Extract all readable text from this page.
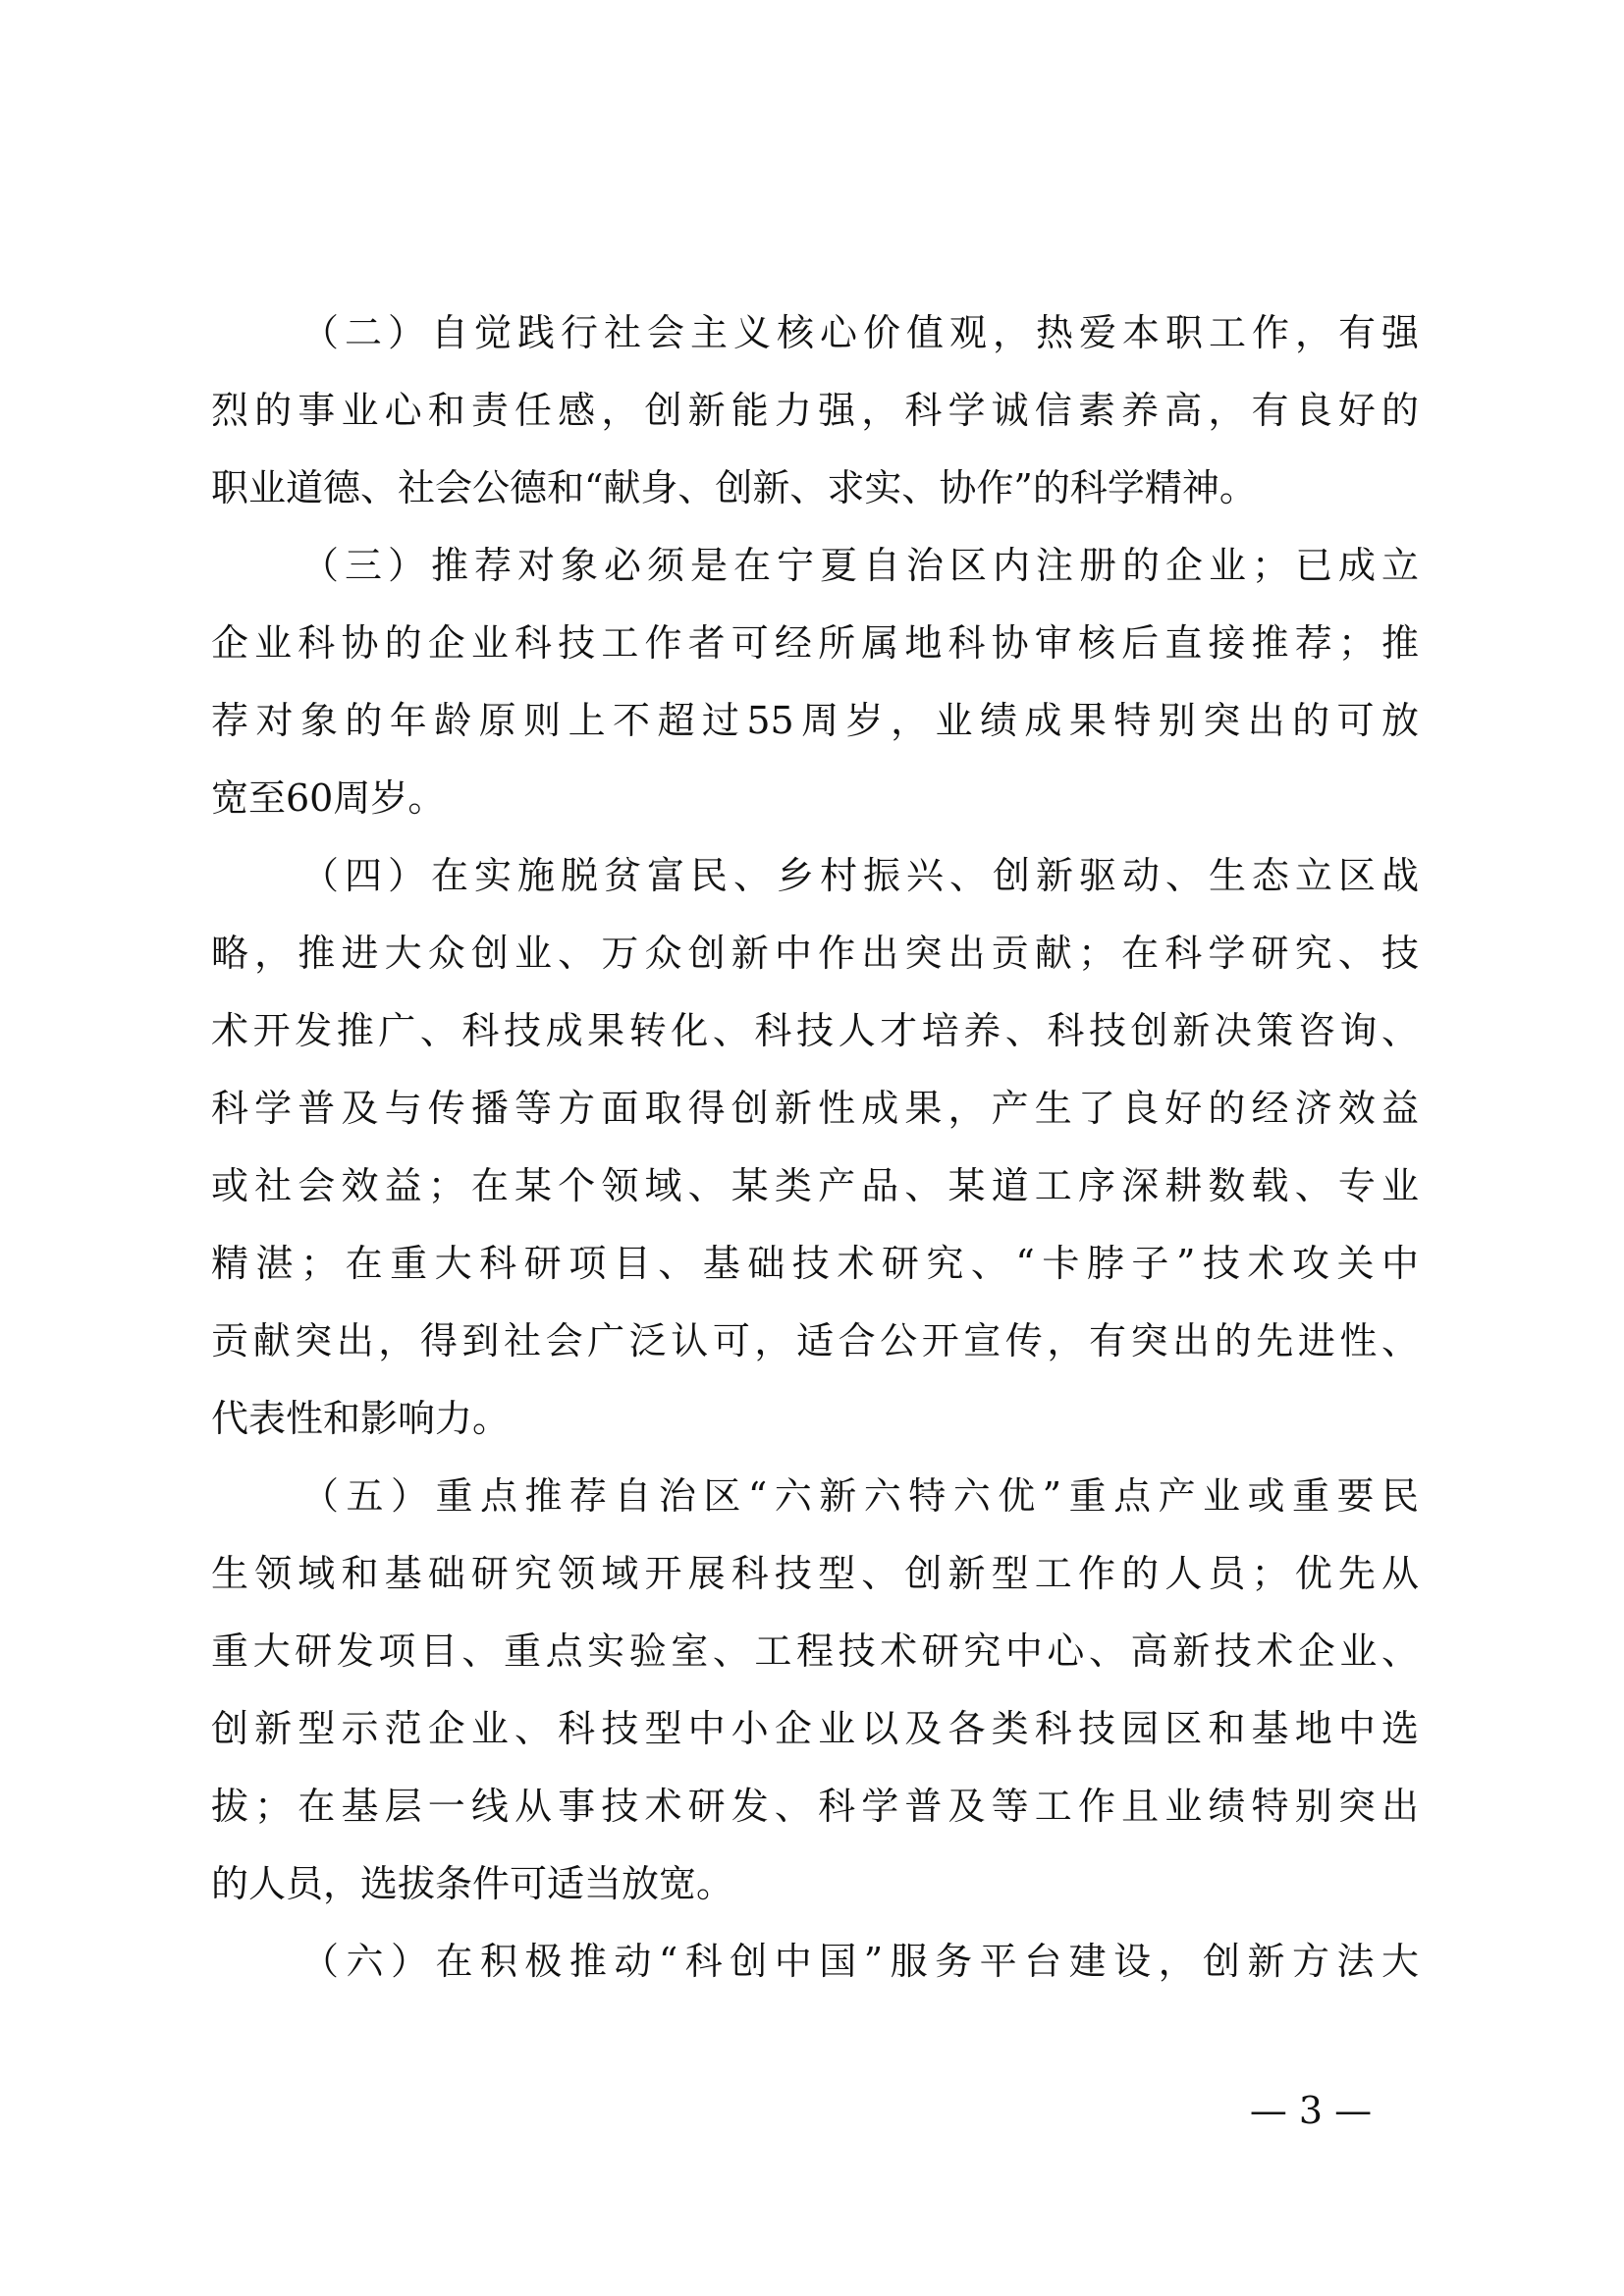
（二）自觉践行社会主义核心价值观，热爱本职工作，有强
烈的事业心和责任感，创新能力强，科学诚信素养高，有良好的
职业道德、社会公德和“献身、创新、求实、协作”的科学精神。
（三）推荐对象必须是在宁夏自治区内注册的企业；已成立
企业科协的企业科技工作者可经所属地科协审核后直接推荐；推
荐对象的年龄原则上不超过55周岁，业绩成果特别突出的可放
宽至60周岁。
（四）在实施脱贫富民、乡村振兴、创新驱动、生态立区战
略，推进大众创业、万众创新中作出突出贡献；在科学研究、技
术开发推广、科技成果转化、科技人才培养、科技创新决策咨询、
科学普及与传播等方面取得创新性成果，产生了良好的经济效益
或社会效益；在某个领域、某类产品、某道工序深耕数载、专业
精湛；在重大科研项目、基础技术研究、“卡脖子”技术攻关中
贡献突出，得到社会广泛认可，适合公开宣传，有突出的先进性、
代表性和影响力。
（五）重点推荐自治区“六新六特六优”重点产业或重要民
生领域和基础研究领域开展科技型、创新型工作的人员；优先从
重大研发项目、重点实验室、工程技术研究中心、高新技术企业、
创新型示范企业、科技型中小企业以及各类科技园区和基地中选
拔；在基层一线从事技术研发、科学普及等工作且业绩特别突出
的人员，选拔条件可适当放宽。
（六）在积极推动“科创中国”服务平台建设，创新方法大
— 3 —
